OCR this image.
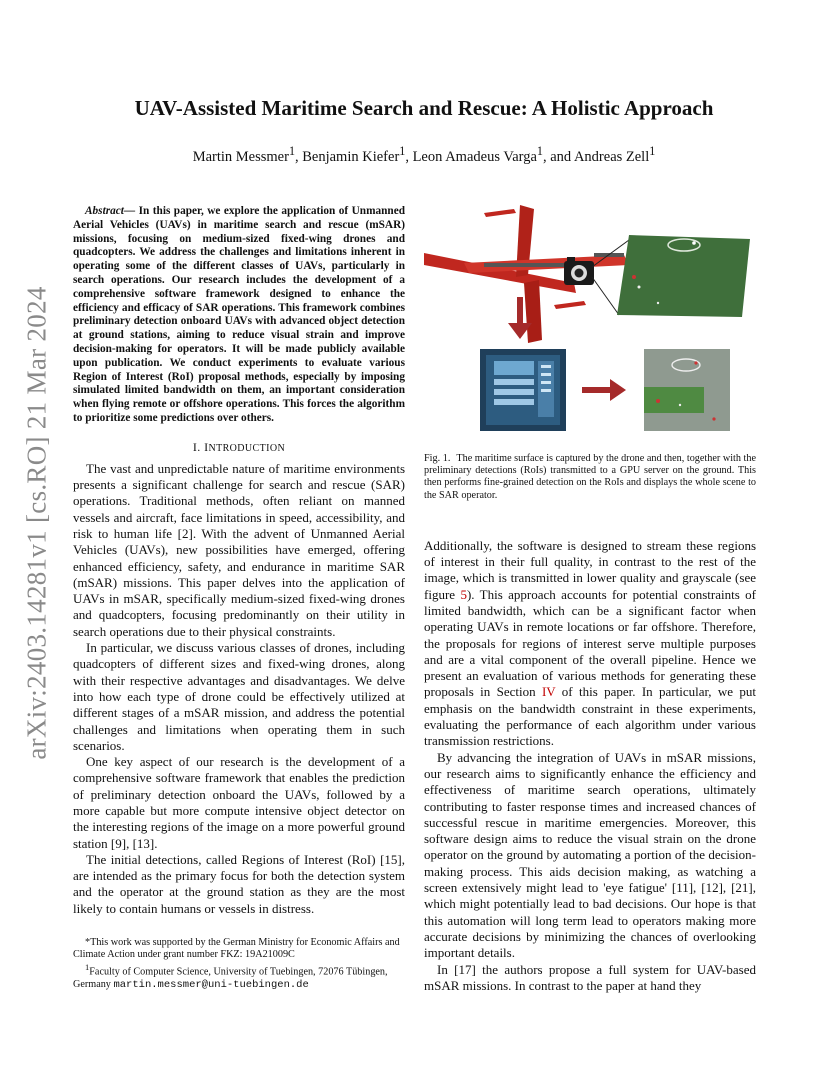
arXiv:2403.14281v1 [cs.RO] 21 Mar 2024
UAV-Assisted Maritime Search and Rescue: A Holistic Approach
Martin Messmer$^1$, Benjamin Kiefer$^1$, Leon Amadeus Varga$^1$, and Andreas Zell$^1$

Abstract— In this paper, we explore the application of Unmanned Aerial Vehicles (UAVs) in maritime search and rescue (mSAR) missions, focusing on medium-sized fixed-wing drones and quadcopters. We address the challenges and limitations inherent in operating some of the different classes of UAVs, particularly in search operations. Our research includes the development of a comprehensive software framework designed to enhance the efficiency and efficacy of SAR operations. This framework combines preliminary detection onboard UAVs with advanced object detection at ground stations, aiming to reduce visual strain and improve decision-making for operators. It will be made publicly available upon publication. We conduct experiments to evaluate various Region of Interest (RoI) proposal methods, especially by imposing simulated limited bandwidth on them, an important consideration when flying remote or offshore operations. This forces the algorithm to prioritize some predictions over others.

I. INTRODUCTION

The vast and unpredictable nature of maritime environments presents a significant challenge for search and rescue (SAR) operations. Traditional methods, often reliant on manned vessels and aircraft, face limitations in speed, accessibility, and risk to human life [2]. With the advent of Unmanned Aerial Vehicles (UAVs), new possibilities have emerged, offering enhanced efficiency, safety, and endurance in maritime SAR (mSAR) missions. This paper delves into the application of UAVs in mSAR, specifically medium-sized fixed-wing drones and quadcopters, focusing predominantly on their utility in search operations due to their physical constraints.

In particular, we discuss various classes of drones, including quadcopters of different sizes and fixed-wing drones, along with their respective advantages and disadvantages. We delve into how each type of drone could be effectively utilized at different stages of a mSAR mission, and address the potential challenges and limitations when operating them in such scenarios.

One key aspect of our research is the development of a comprehensive software framework that enables the prediction of preliminary detection onboard the UAVs, followed by a more capable but more compute intensive object detector on the interesting regions of the image on a more powerful ground station [9], [13].

The initial detections, called Regions of Interest (RoI) [15], are intended as the primary focus for both the detection system and the operator at the ground station as they are the most likely to contain humans or vessels in distress.

*This work was supported by the German Ministry for Economic Affairs and Climate Action under grant number FKZ: 19A21009C

$^1$Faculty of Computer Science, University of Tuebingen, 72076 Tübingen, Germany martin.messmer@uni-tuebingen.de

Fig. 1. The maritime surface is captured by the drone and then, together with the preliminary detections (RoIs) transmitted to a GPU server on the ground. This then performs fine-grained detection on the RoIs and displays the whole scene to the SAR operator.

Additionally, the software is designed to stream these regions of interest in their full quality, in contrast to the rest of the image, which is transmitted in lower quality and grayscale (see figure 5). This approach accounts for potential constraints of limited bandwidth, which can be a significant factor when operating UAVs in remote locations or far offshore. Therefore, the proposals for regions of interest serve multiple purposes and are a vital component of the overall pipeline. Hence we present an evaluation of various methods for generating these proposals in Section IV of this paper. In particular, we put emphasis on the bandwidth constraint in these experiments, evaluating the performance of each algorithm under various transmission restrictions.

By advancing the integration of UAVs in mSAR missions, our research aims to significantly enhance the efficiency and effectiveness of maritime search operations, ultimately contributing to faster response times and increased chances of successful rescue in maritime emergencies. Moreover, this software design aims to reduce the visual strain on the drone operator on the ground by automating a portion of the decision-making process. This aids decision making, as watching a screen extensively might lead to 'eye fatigue' [11], [12], [21], which might potentially lead to bad decisions. Our hope is that this automation will long term lead to operators making more accurate decisions by minimizing the chances of overlooking important details.

In [17] the authors propose a full system for UAV-based mSAR missions. In contrast to the paper at hand they
